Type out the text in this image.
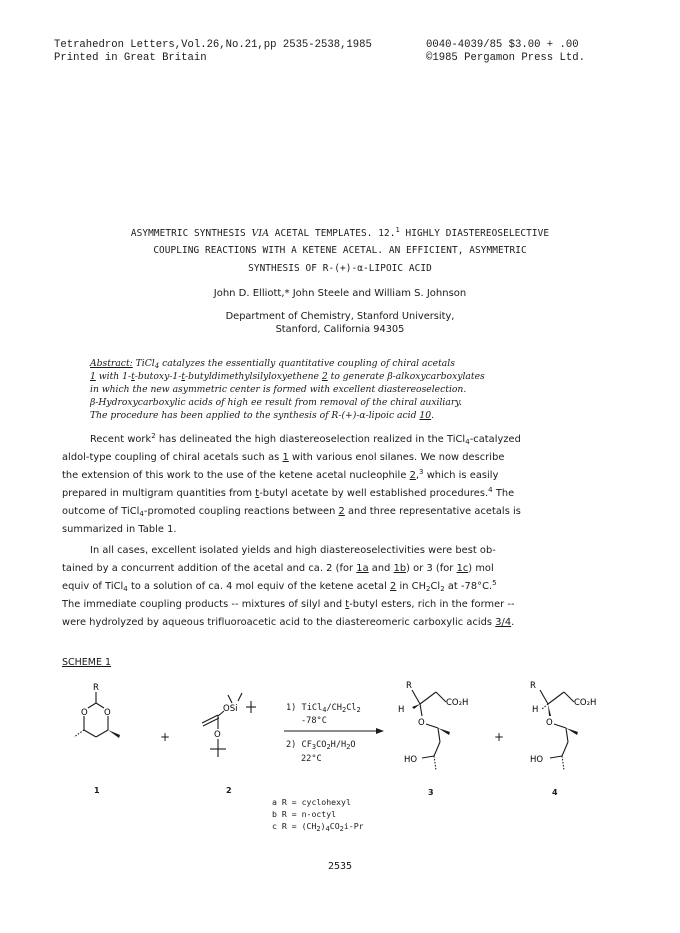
Tetrahedron Letters,Vol.26,No.21,pp 2535-2538,1985
Printed in Great Britain
0040-4039/85 $3.00 + .00
©1985 Pergamon Press Ltd.
ASYMMETRIC SYNTHESIS VIA ACETAL TEMPLATES. 12.$^1$ HIGHLY DIASTEREOSELECTIVE
COUPLING REACTIONS WITH A KETENE ACETAL. AN EFFICIENT, ASYMMETRIC
SYNTHESIS OF R-(+)-α-LIPOIC ACID
John D. Elliott,* John Steele and William S. Johnson
Department of Chemistry, Stanford University,
Stanford, California 94305
Abstract: TiCl$_4$ catalyzes the essentially quantitative coupling of chiral acetals
1 with 1-t-butoxy-1-t-butyldimethylsilyloxyethene 2 to generate β-alkoxycarboxylates
in which the new asymmetric center is formed with excellent diastereoselection.
β-Hydroxycarboxylic acids of high ee result from removal of the chiral auxiliary.
The procedure has been applied to the synthesis of R-(+)-α-lipoic acid 10.
Recent work$^2$ has delineated the high diastereoselection realized in the TiCl$_4$-catalyzed
aldol-type coupling of chiral acetals such as 1 with various enol silanes. We now describe
the extension of this work to the use of the ketene acetal nucleophile 2,$^3$ which is easily
prepared in multigram quantities from t-butyl acetate by well established procedures.$^4$ The
outcome of TiCl$_4$-promoted coupling reactions between 2 and three representative acetals is
summarized in Table 1.
In all cases, excellent isolated yields and high diastereoselectivities were best ob-
tained by a concurrent addition of the acetal and ca. 2 (for 1a and 1b) or 3 (for 1c) mol
equiv of TiCl$_4$ to a solution of ca. 4 mol equiv of the ketene acetal 2 in $CH_2Cl_2$ at -78°C.$^5$
The immediate coupling products -- mixtures of silyl and t-butyl esters, rich in the former --
were hydrolyzed by aqueous trifluoroacetic acid to the diastereomeric carboxylic acids 3/4.
SCHEME 1
R
O O
1
+
OSi
O
2
1) $TiCl_4/CH_2Cl_2$
-78°C
2) $CF_3CO_2H/H_2O$
22°C
R
H
CO₂H
O
HO
3
+
R
H
CO₂H
O
HO
4
a R = cyclohexyl
b R = n-octyl
c $R = (CH_2)_4CO_2i-Pr$
2535
